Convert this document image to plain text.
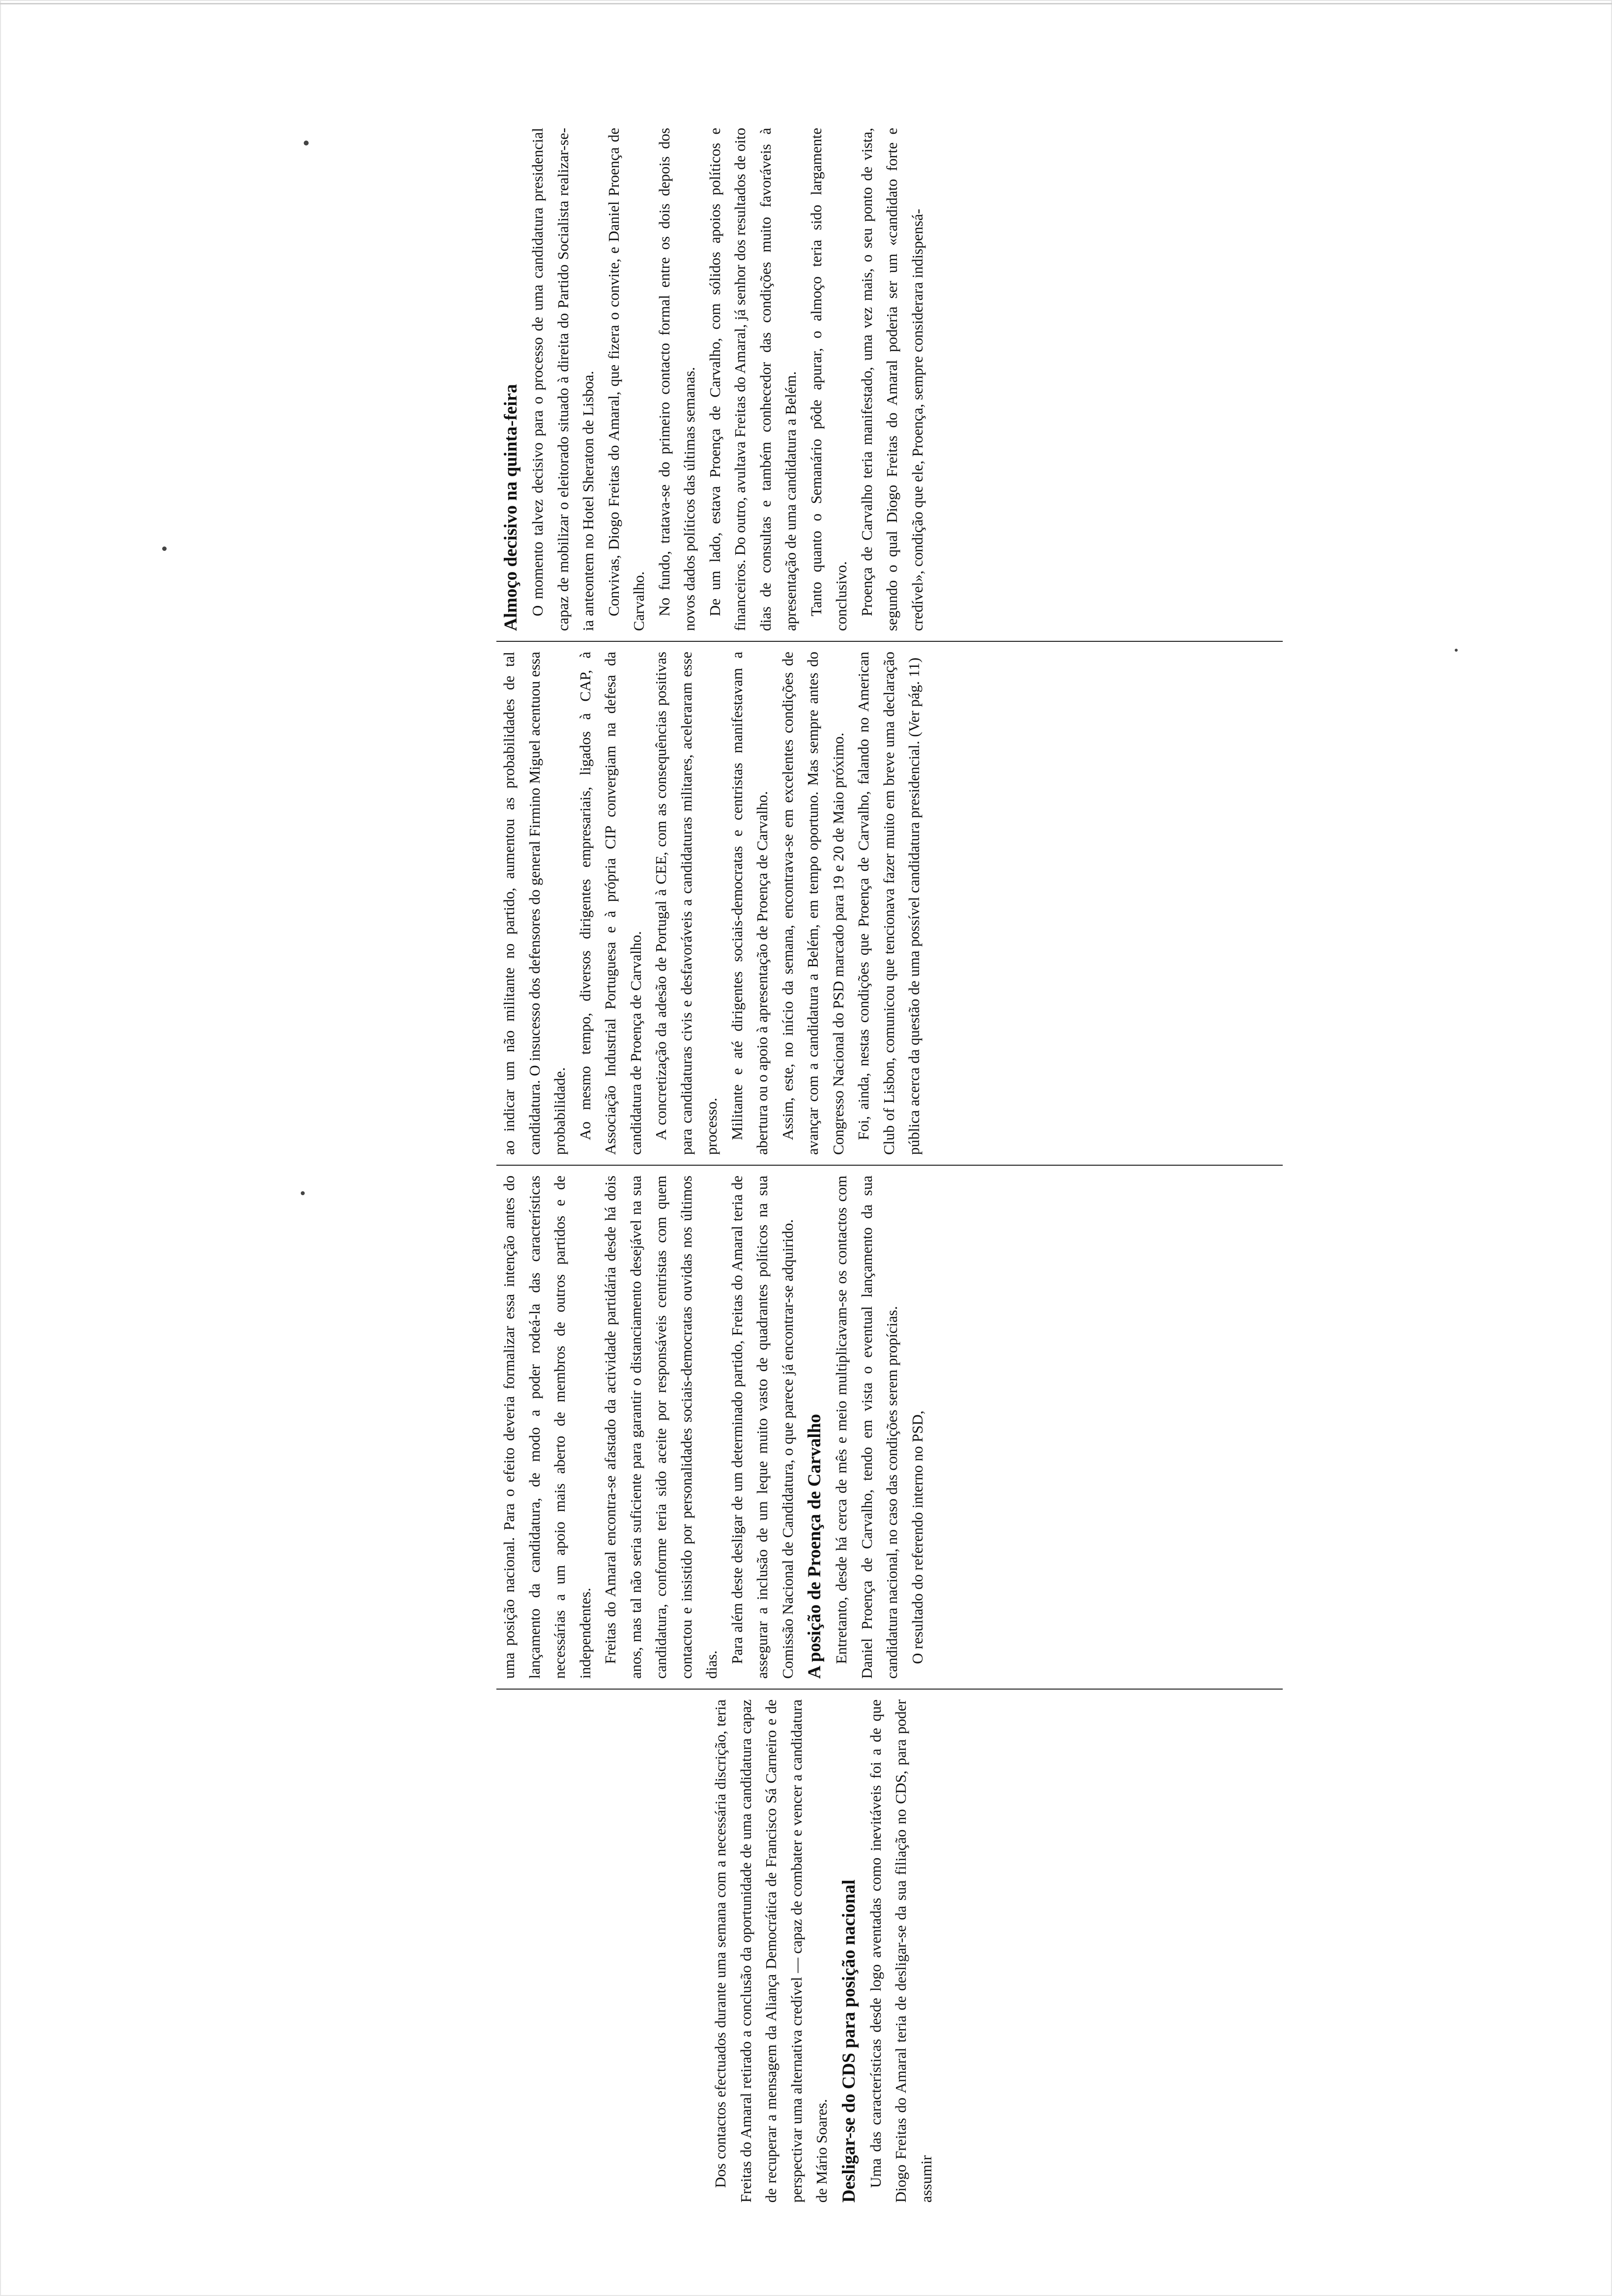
Dos contactos efectuados durante uma semana com a necessária discrição, teria Freitas do Amaral retirado a conclusão da oportunidade de uma candidatura capaz de recuperar a mensagem da Aliança Democrática de Francisco Sá Carneiro e de perspectivar uma alternativa credível — capaz de combater e vencer a candidatura de Mário Soares. Desligar-se do CDS para posição nacional Uma das características desde logo aventadas como inevitáveis foi a de que Diogo Freitas do Amaral teria de desligar-se da sua filiação no CDS, para poder assumir

uma posição nacional. Para o efeito deveria formalizar essa intenção antes do lançamento da candidatura, de modo a poder rodeá-la das características necessárias a um apoio mais aberto de membros de outros partidos e de independentes. Freitas do Amaral encontra-se afastado da actividade partidária desde há dois anos, mas tal não seria suficiente para garantir o distanciamento desejável na sua candidatura, conforme teria sido aceite por responsáveis centristas com quem contactou e insistido por personalidades sociais-democratas ouvidas nos últimos dias.

Para além deste desligar de um determinado partido, Freitas do Amaral teria de assegurar a inclusão de um leque muito vasto de quadrantes políticos na sua Comissão Nacional de Candidatura, o que parece já encontrar-se adquirido. A posição de Proença de Carvalho Entretanto, desde há cerca de mês e meio multiplicavam-se os contactos com Daniel Proença de Carvalho, tendo em vista o eventual lançamento da sua candidatura nacional, no caso das condições serem propícias. O resultado do referendo interno no PSD,

ao indicar um não militante no partido, aumentou as probabilidades de tal candidatura. O insucesso dos defensores do general Firmino Miguel acentuou essa probabilidade. Ao mesmo tempo, diversos dirigentes empresariais, ligados à CAP, à Associação Industrial Portuguesa e à própria CIP convergiam na defesa da candidatura de Proença de Carvalho. A concretização da adesão de Portugal à CEE, com as consequências positivas para candidaturas civis e desfavoráveis a candidaturas militares, aceleraram esse processo. Militante e até dirigentes sociais-democratas e centristas manifestavam a abertura ou o apoio à apresentação de Proença de Carvalho. Assim, este, no início da semana, encontrava-se em excelentes condições de avançar com a candidatura a Belém, em tempo oportuno. Mas sempre antes do Congresso Nacional do PSD marcado para 19 e 20 de Maio próximo. Foi, ainda, nestas condições que Proença de Carvalho, falando no American Club of Lisbon, comunicou que tencionava fazer muito em breve uma declaração pública acerca da questão de uma possível candidatura presidencial. (Ver pág. 11)

Almoço decisivo na quinta-feira O momento talvez decisivo para o processo de uma candidatura presidencial capaz de mobilizar o eleitorado situado à direita do Partido Socialista realizar-se-ia anteontem no Hotel Sheraton de Lisboa. Convivas, Diogo Freitas do Amaral, que fizera o convite, e Daniel Proença de Carvalho. No fundo, tratava-se do primeiro contacto formal entre os dois depois dos novos dados políticos das últimas semanas. De um lado, estava Proença de Carvalho, com sólidos apoios políticos e financeiros. Do outro, avultava Freitas do Amaral, já senhor dos resultados de oito dias de consultas e também conhecedor das condições muito favoráveis à apresentação de uma candidatura a Belém. Tanto quanto o Semanário pôde apurar, o almoço teria sido largamente conclusivo. Proença de Carvalho teria manifestado, uma vez mais, o seu ponto de vista, segundo o qual Diogo Freitas do Amaral poderia ser um «candidato forte e credível», condição que ele, Proença, sempre considerara indispensá-
